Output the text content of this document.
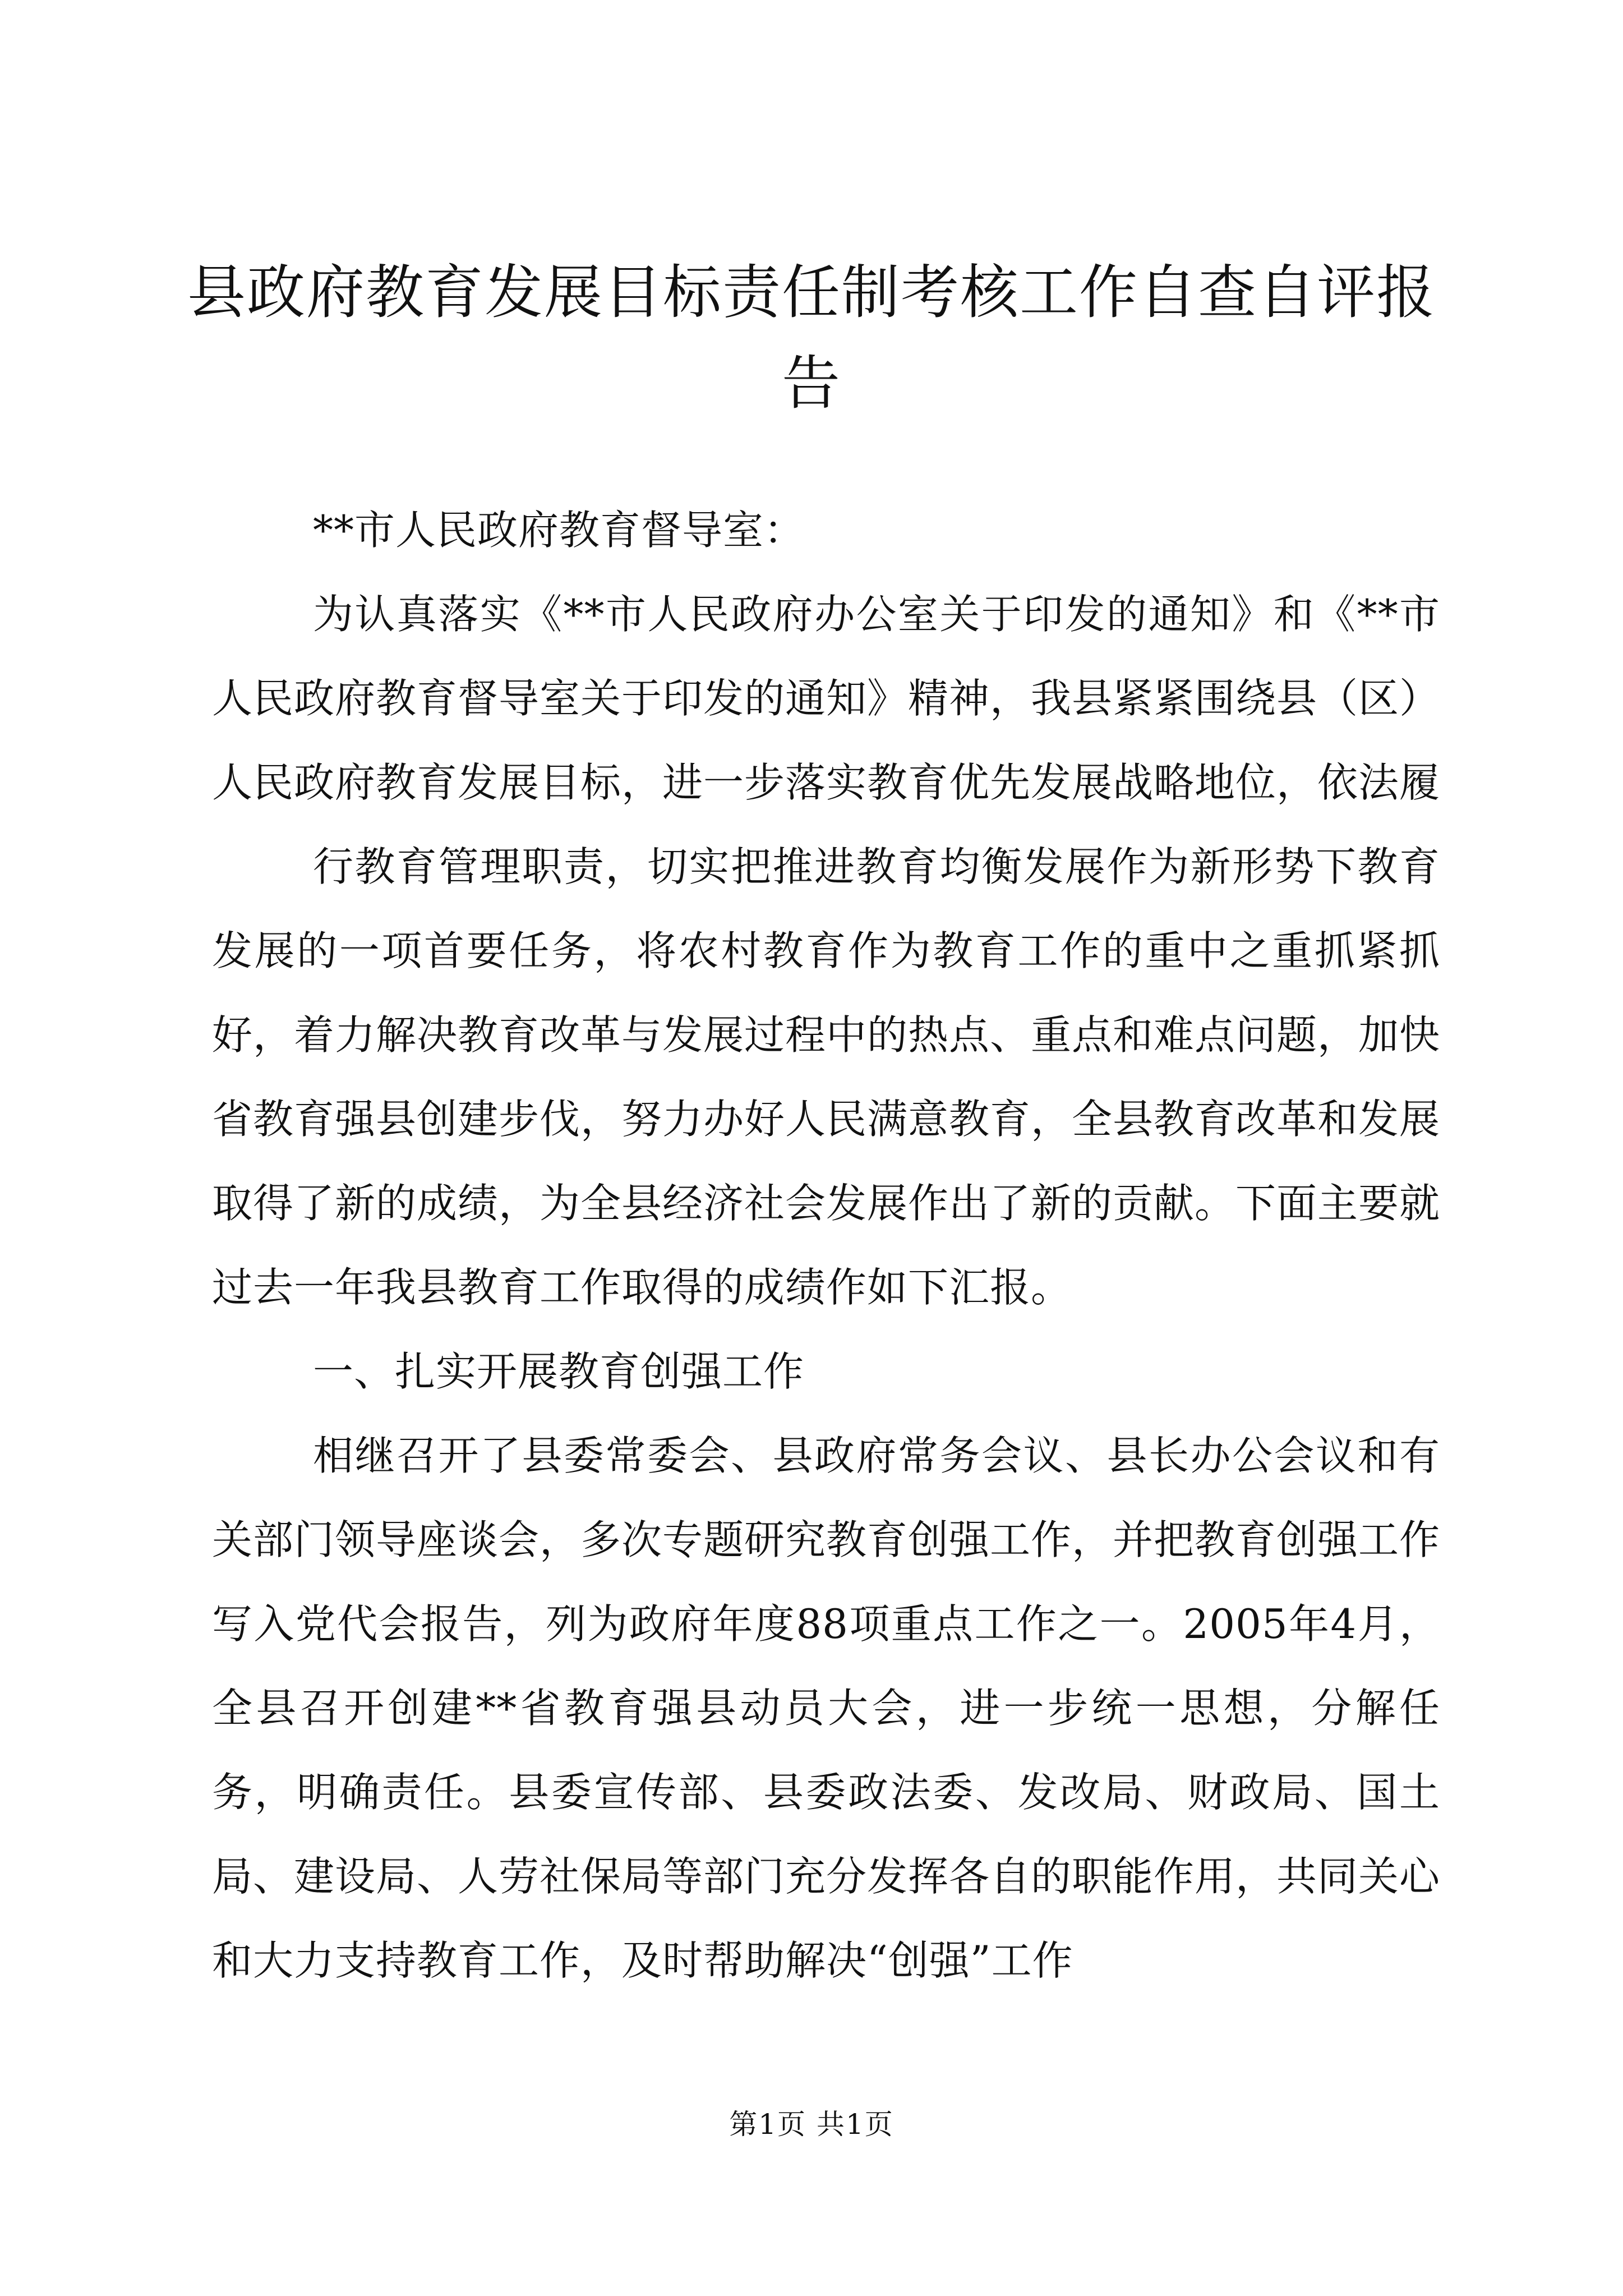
县政府教育发展目标责任制考核工作自查自评报告

**市人民政府教育督导室：

为认真落实《**市人民政府办公室关于印发的通知》和《**市人民政府教育督导室关于印发的通知》精神，我县紧紧围绕县（区）人民政府教育发展目标，进一步落实教育优先发展战略地位，依法履

行教育管理职责，切实把推进教育均衡发展作为新形势下教育发展的一项首要任务，将农村教育作为教育工作的重中之重抓紧抓好，着力解决教育改革与发展过程中的热点、重点和难点问题，加快省教育强县创建步伐，努力办好人民满意教育，全县教育改革和发展取得了新的成绩，为全县经济社会发展作出了新的贡献。下面主要就过去一年我县教育工作取得的成绩作如下汇报。

一、扎实开展教育创强工作

相继召开了县委常委会、县政府常务会议、县长办公会议和有关部门领导座谈会，多次专题研究教育创强工作，并把教育创强工作写入党代会报告，列为政府年度88项重点工作之一。2005年4月，全县召开创建**省教育强县动员大会，进一步统一思想，分解任务，明确责任。县委宣传部、县委政法委、发改局、财政局、国土局、建设局、人劳社保局等部门充分发挥各自的职能作用，共同关心和大力支持教育工作，及时帮助解决“创强”工作

第1页 共1页
